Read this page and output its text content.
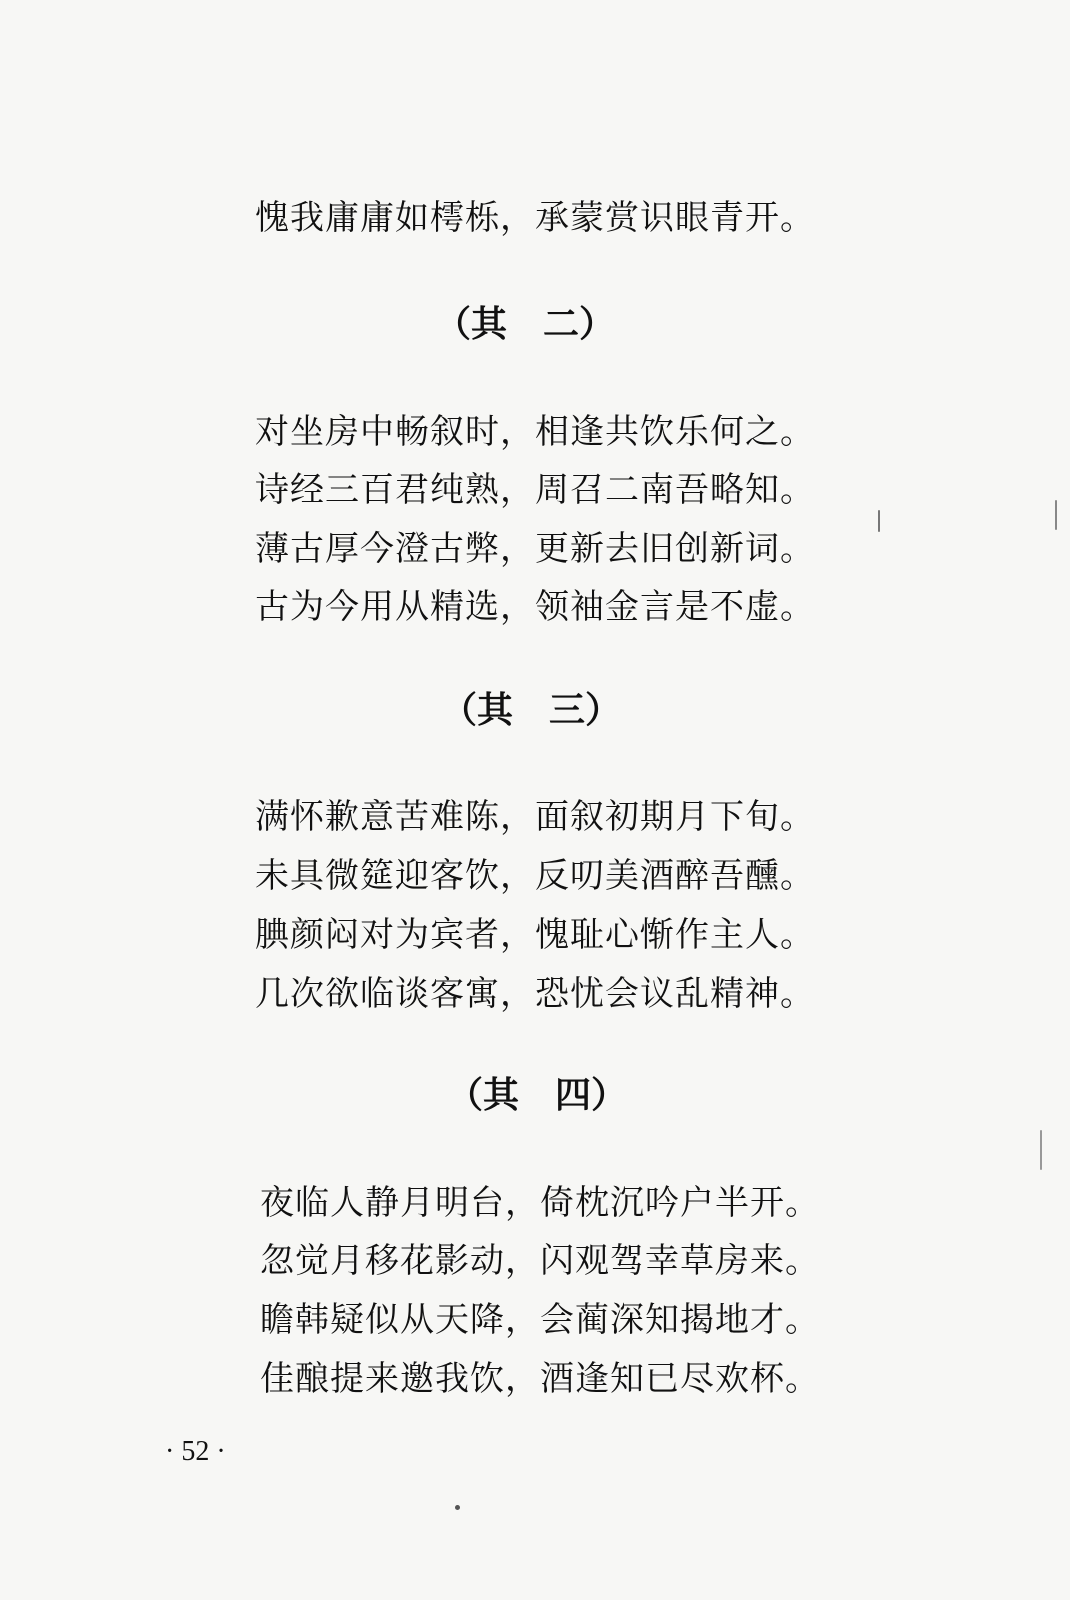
愧我庸庸如樗栎，承蒙赏识眼青开。
（其　二）
对坐房中畅叙时，相逢共饮乐何之。
诗经三百君纯熟，周召二南吾略知。
薄古厚今澄古弊，更新去旧创新词。
古为今用从精选，领袖金言是不虚。
（其　三）
满怀歉意苦难陈，面叙初期月下旬。
未具微筵迎客饮，反叨美酒醉吾醺。
腆颜闷对为宾者，愧耻心惭作主人。
几次欲临谈客寓，恐忧会议乱精神。
（其　四）
夜临人静月明台，倚枕沉吟户半开。
忽觉月移花影动，闪观驾幸草房来。
瞻韩疑似从天降，会蔺深知揭地才。
佳酿提来邀我饮，酒逢知已尽欢杯。
· 52 ·
